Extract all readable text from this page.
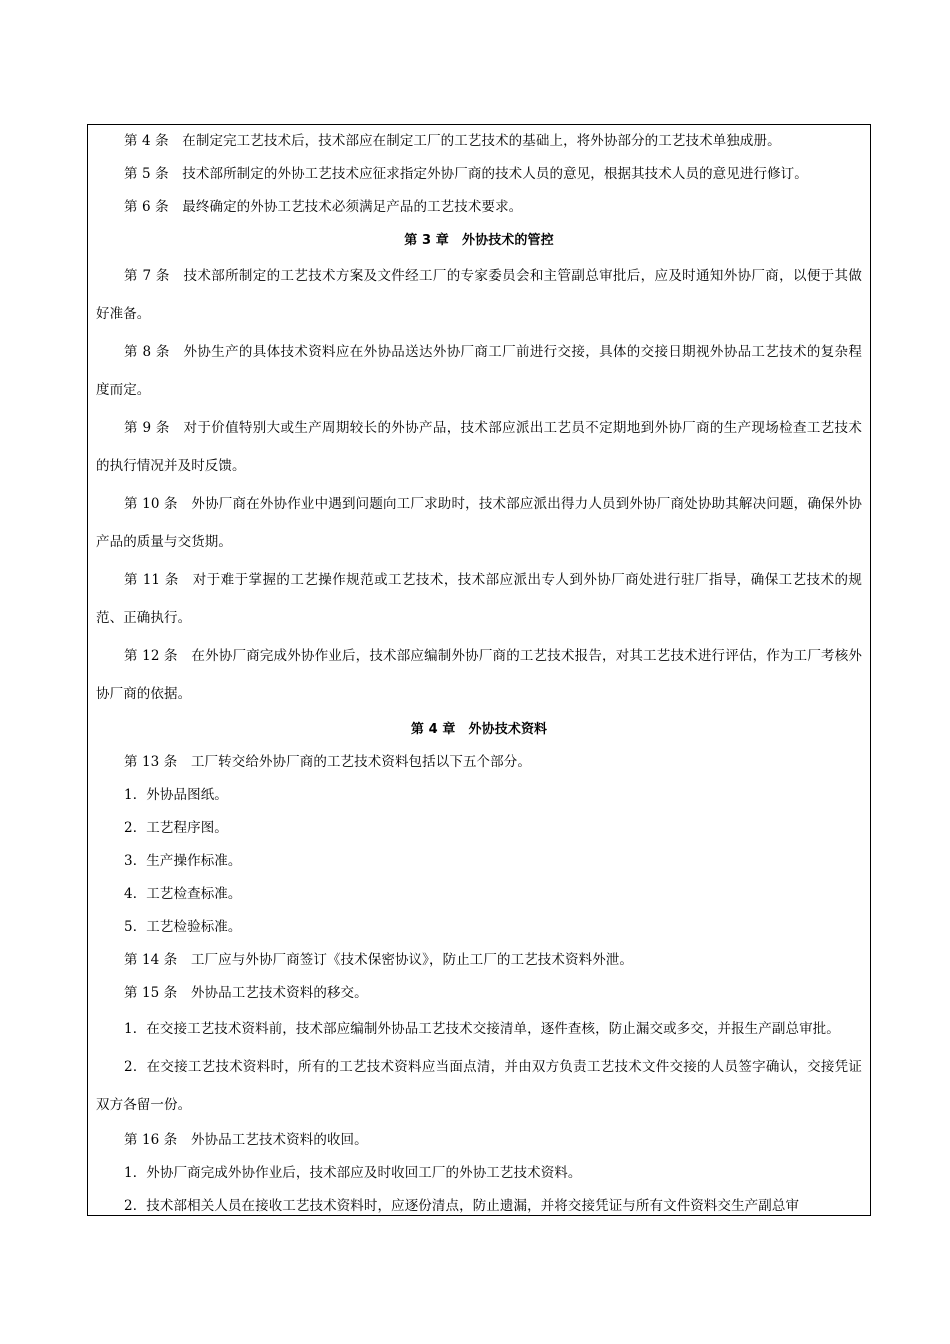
第 4 条　在制定完工艺技术后，技术部应在制定工厂的工艺技术的基础上，将外协部分的工艺技术单独成册。

第 5 条　技术部所制定的外协工艺技术应征求指定外协厂商的技术人员的意见，根据其技术人员的意见进行修订。

第 6 条　最终确定的外协工艺技术必须满足产品的工艺技术要求。

第 3 章　外协技术的管控

第 7 条　技术部所制定的工艺技术方案及文件经工厂的专家委员会和主管副总审批后，应及时通知外协厂商，以便于其做好准备。

第 8 条　外协生产的具体技术资料应在外协品送达外协厂商工厂前进行交接，具体的交接日期视外协品工艺技术的复杂程度而定。

第 9 条　对于价值特别大或生产周期较长的外协产品，技术部应派出工艺员不定期地到外协厂商的生产现场检查工艺技术的执行情况并及时反馈。

第 10 条　外协厂商在外协作业中遇到问题向工厂求助时，技术部应派出得力人员到外协厂商处协助其解决问题，确保外协产品的质量与交货期。

第 11 条　对于难于掌握的工艺操作规范或工艺技术，技术部应派出专人到外协厂商处进行驻厂指导，确保工艺技术的规范、正确执行。

第 12 条　在外协厂商完成外协作业后，技术部应编制外协厂商的工艺技术报告，对其工艺技术进行评估，作为工厂考核外协厂商的依据。

第 4 章　外协技术资料

第 13 条　工厂转交给外协厂商的工艺技术资料包括以下五个部分。

1．外协品图纸。

2．工艺程序图。

3．生产操作标准。

4．工艺检查标准。

5．工艺检验标准。

第 14 条　工厂应与外协厂商签订《技术保密协议》，防止工厂的工艺技术资料外泄。

第 15 条　外协品工艺技术资料的移交。

1．在交接工艺技术资料前，技术部应编制外协品工艺技术交接清单，逐件查核，防止漏交或多交，并报生产副总审批。

2．在交接工艺技术资料时，所有的工艺技术资料应当面点清，并由双方负责工艺技术文件交接的人员签字确认，交接凭证双方各留一份。

第 16 条　外协品工艺技术资料的收回。

1．外协厂商完成外协作业后，技术部应及时收回工厂的外协工艺技术资料。

2．技术部相关人员在接收工艺技术资料时，应逐份清点，防止遗漏，并将交接凭证与所有文件资料交生产副总审
